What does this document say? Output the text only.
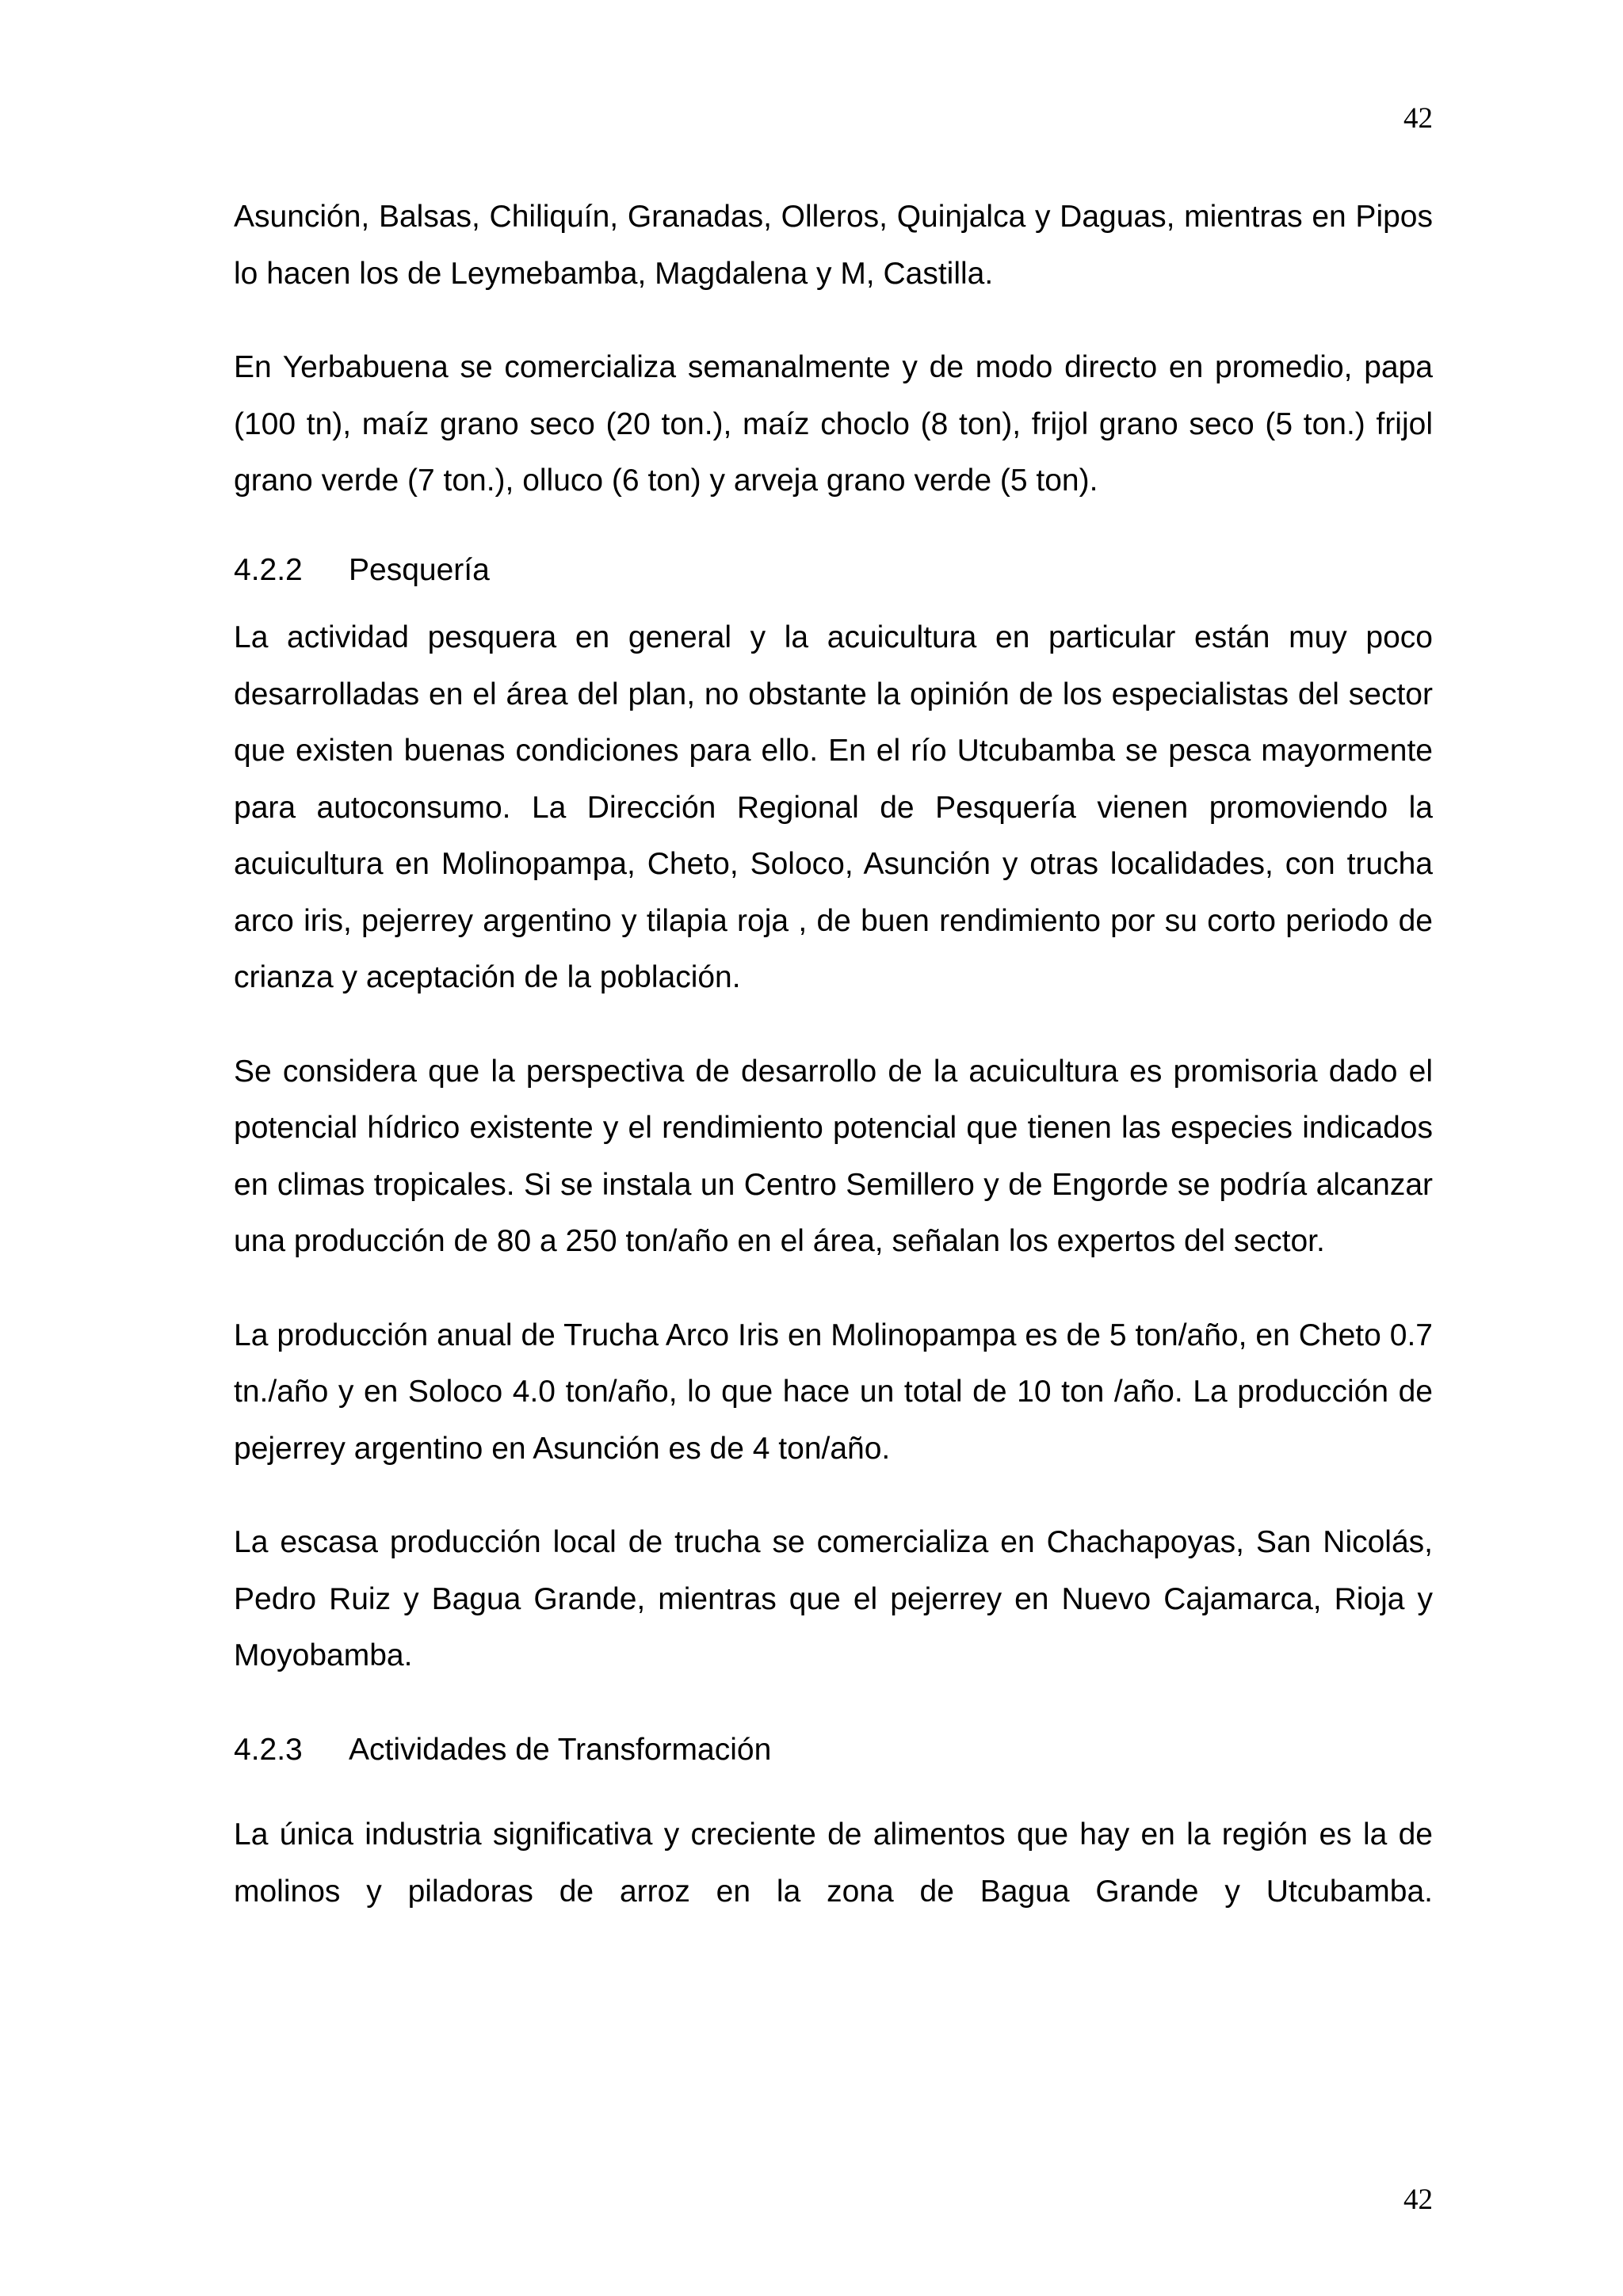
42

Asunción, Balsas, Chiliquín, Granadas, Olleros, Quinjalca y Daguas, mientras en Pipos lo hacen los de Leymebamba, Magdalena y M, Castilla.

En Yerbabuena se comercializa semanalmente y de modo directo en promedio, papa (100 tn), maíz grano seco (20 ton.), maíz choclo (8 ton), frijol grano seco (5 ton.) frijol grano verde (7 ton.), olluco (6 ton) y arveja grano verde (5 ton).

4.2.2	Pesquería

La actividad pesquera en general y la acuicultura en particular están muy poco desarrolladas en el área del plan, no obstante la opinión de los especialistas del sector que existen buenas condiciones para ello. En el río Utcubamba se pesca mayormente para autoconsumo. La Dirección Regional de Pesquería vienen promoviendo la acuicultura en Molinopampa, Cheto, Soloco, Asunción y otras localidades, con trucha arco iris, pejerrey argentino y tilapia roja , de buen rendimiento por su corto periodo de crianza y aceptación de la población.

Se considera que la perspectiva de desarrollo de la acuicultura es promisoria dado el potencial hídrico existente y el rendimiento potencial que tienen las especies indicados en climas tropicales. Si se instala un Centro Semillero y de Engorde se podría alcanzar una producción de 80 a 250 ton/año en el área, señalan los expertos del sector.

La producción anual de Trucha Arco Iris en Molinopampa es de 5 ton/año, en Cheto 0.7 tn./año y en Soloco 4.0 ton/año, lo que hace un total de 10 ton /año. La producción de pejerrey argentino en Asunción es de 4 ton/año.

La escasa producción local de trucha se comercializa en Chachapoyas, San Nicolás, Pedro Ruiz y Bagua Grande, mientras que el pejerrey en Nuevo Cajamarca, Rioja y Moyobamba.

4.2.3	Actividades de Transformación

La única industria significativa y creciente de alimentos que hay en la región es la de molinos y piladoras de arroz en la zona de Bagua Grande y Utcubamba.

42
